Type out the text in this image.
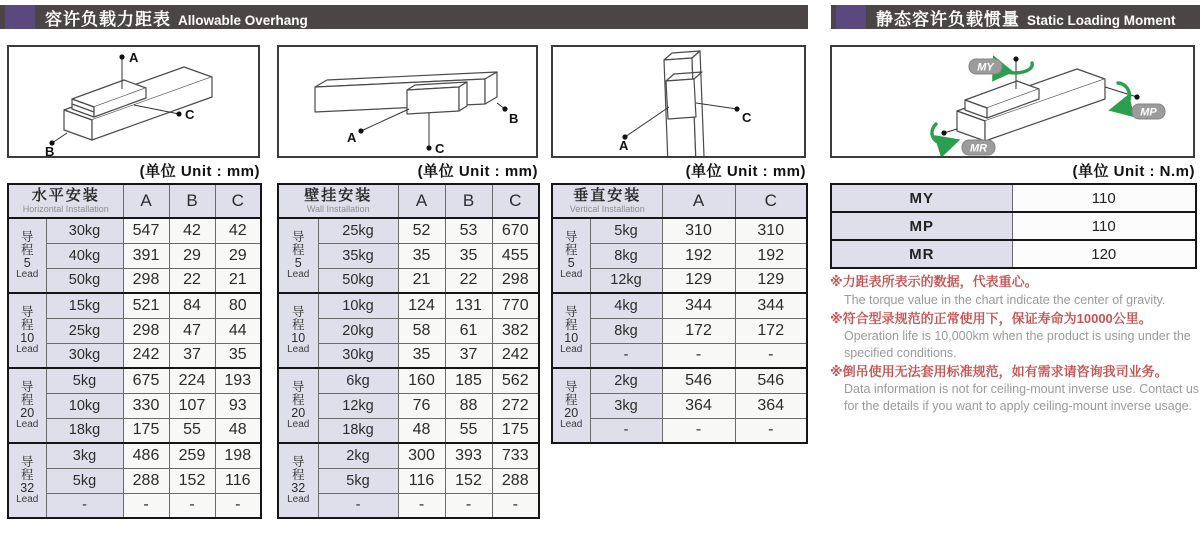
容许负载力距表 Allowable Overhang	静态容许负载惯量 Static Loading Moment
A
B
C
A
B
C	A
C
MY
MP
MR
(单位 Unit : mm)	(单位 Unit : mm)	(单位 Unit : mm)	(单位 Unit : N.m)
水平安装
Horizontal Installation		A	B	C

导
程
5
Lead	30kg	547	42	42
	40kg	391	29	29
	50kg	298	22	21

导
程
10
Lead	15kg	521	84	80
	25kg	298	47	44
	30kg	242	37	35

导
程
20
Lead	5kg	675	224	193
	10kg	330	107	93
	18kg	175	55	48

导
程
32
Lead	3kg	486	259	198
	5kg	288	152	116
	-	-	-	-
壁挂安装
Wall Installation		A	B	C

导
程
5
Lead	25kg	52	53	670
	35kg	35	35	455
	50kg	21	22	298

导
程
10
Lead	10kg	124	131	770
	20kg	58	61	382
	30kg	35	37	242

导
程
20
Lead	6kg	160	185	562
	12kg	76	88	272
	18kg	48	55	175

导
程
32
Lead	2kg	300	393	733
	5kg	116	152	288
	-	-	-	-
垂直安装
Vertical Installation		A	C

导
程
5
Lead	5kg	310	310
	8kg	192	192
	12kg	129	129

导
程
10
Lead	4kg	344	344
	8kg	172	172
	-	-	-

导
程
20
Lead	2kg	546	546
	3kg	364	364
	-	-	-
MY	110
MP	110
MR	120
※力距表所表示的数据，代表重心。
The torque value in the chart indicate the center of gravity.
※符合型录规范的正常使用下，保证寿命为10000公里。
Operation life is 10,000km when the product is using under the specified conditions.
※倒吊使用无法套用标准规范，如有需求请咨询我司业务。
Data information is not for ceiling-mount inverse use. Contact us for the details if you want to apply ceiling-mount inverse usage.
